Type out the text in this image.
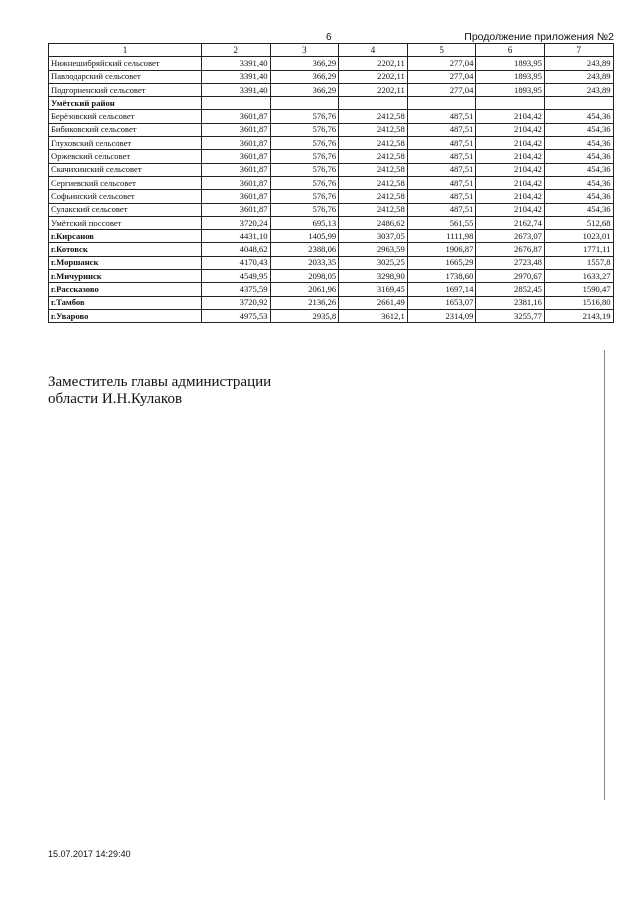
6	Продолжение приложения №2
1	2	3	4	5	6	7
Нижнешибряйский сельсовет	3391,40	366,29	2202,11	277,04	1893,95	243,89
Павлодарский сельсовет	3391,40	366,29	2202,11	277,04	1893,95	243,89
Подгорненский сельсовет	3391,40	366,29	2202,11	277,04	1893,95	243,89
Умётский район						
Берёзовский сельсовет	3601,87	576,76	2412,58	487,51	2104,42	454,36
Бибиковский сельсовет	3601,87	576,76	2412,58	487,51	2104,42	454,36
Глуховский сельсовет	3601,87	576,76	2412,58	487,51	2104,42	454,36
Оржевский сельсовет	3601,87	576,76	2412,58	487,51	2104,42	454,36
Скачихинский сельсовет	3601,87	576,76	2412,58	487,51	2104,42	454,36
Сергиевский сельсовет	3601,87	576,76	2412,58	487,51	2104,42	454,36
Софьинский сельсовет	3601,87	576,76	2412,58	487,51	2104,42	454,36
Сулакский сельсовет	3601,87	576,76	2412,58	487,51	2104,42	454,36
Умётский поссовет	3720,24	695,13	2486,62	561,55	2162,74	512,68
г.Кирсанов	4431,10	1405,99	3037,05	1111,98	2673,07	1023,01
г.Котовск	4048,62	2388,06	2963,59	1906,87	2676,87	1771,11
г.Моршанск	4170,43	2033,35	3025,25	1665,29	2723,48	1557,8
г.Мичуринск	4549,95	2098,05	3298,90	1738,60	2970,67	1633,27
г.Рассказово	4375,59	2061,96	3169,45	1697,14	2852,45	1590,47
г.Тамбов	3720,92	2136,26	2661,49	1653,07	2381,16	1516,80
г.Уварово	4975,53	2935,8	3612,1	2314,09	3255,77	2143,19
Заместитель главы администрации
области И.Н.Кулаков
15.07.2017 14:29:40
